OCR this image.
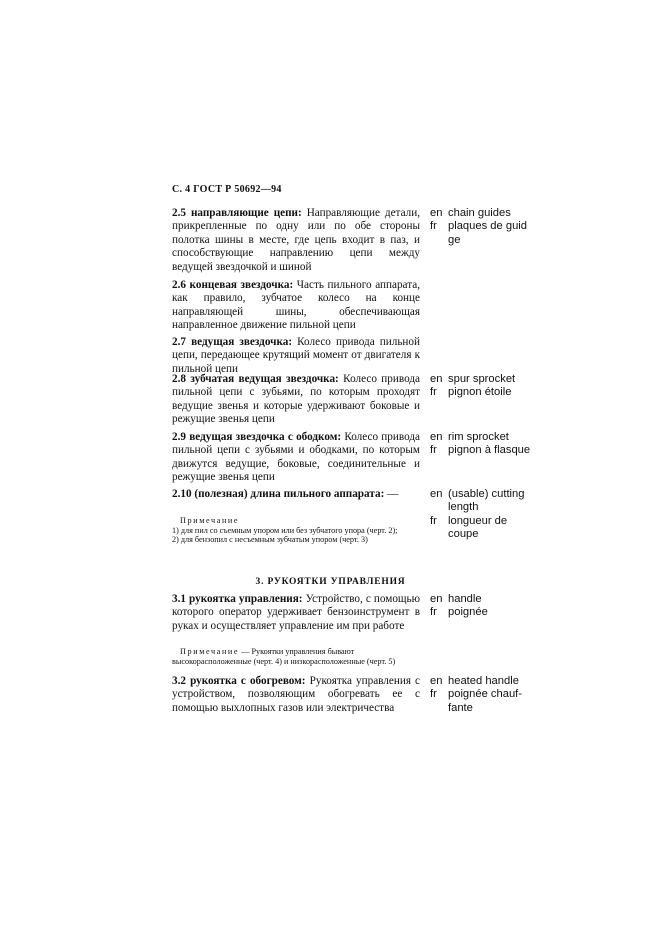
С. 4 ГОСТ Р 50692—94
2.5 направляющие цепи: Направляющие детали, прикрепленные по одну или по обе стороны полотка шины в месте, где цепь входит в паз, и способствующие направлению цепи между ведущей звездочкой и шиной
en chain guides
fr plaques de guid
ge
2.6 концевая звездочка: Часть пильного аппарата, как правило, зубчатое колесо на конце направляющей шины, обеспечивающая направленное движение пильной цепи
2.7 ведущая звездочка: Колесо привода пильной цепи, передающее крутящий момент от двигателя к пильной цепи
2.8 зубчатая ведущая звездочка: Колесо привода пильной цепи с зубьями, по которым проходят ведущие звенья и которые удерживают боковые и режущие звенья цепи
en spur sprocket
fr pignon étoile
2.9 ведущая звездочка с ободком: Колесо привода пильной цепи с зубьями и ободками, по которым движутся ведущие, боковые, соединительные и режущие звенья цепи
en rim sprocket
fr pignon à flasque
2.10 (полезная) длина пильного аппарата: —
Примечание
1) для пил со съемным упором или без зубчатого упора (черт. 2);
2) для бензопил с несъемным зубчатым упором (черт. 3)
en (usable) cutting
length
fr longueur de
coupe
3. РУКОЯТКИ УПРАВЛЕНИЯ
3.1 рукоятка управления: Устройство, с помощью которого оператор удерживает бензоинструмент в руках и осуществляет управление им при работе
Примечание — Рукоятки управления бывают высокорасположенные (черт. 4) и низкорасположенные (черт. 5)
en handle
fr poignée
3.2 рукоятка с обогревом: Рукоятка управления с устройством, позволяющим обогревать ее с помощью выхлопных газов или электричества
en heated handle
fr poignée chauf-
fante
